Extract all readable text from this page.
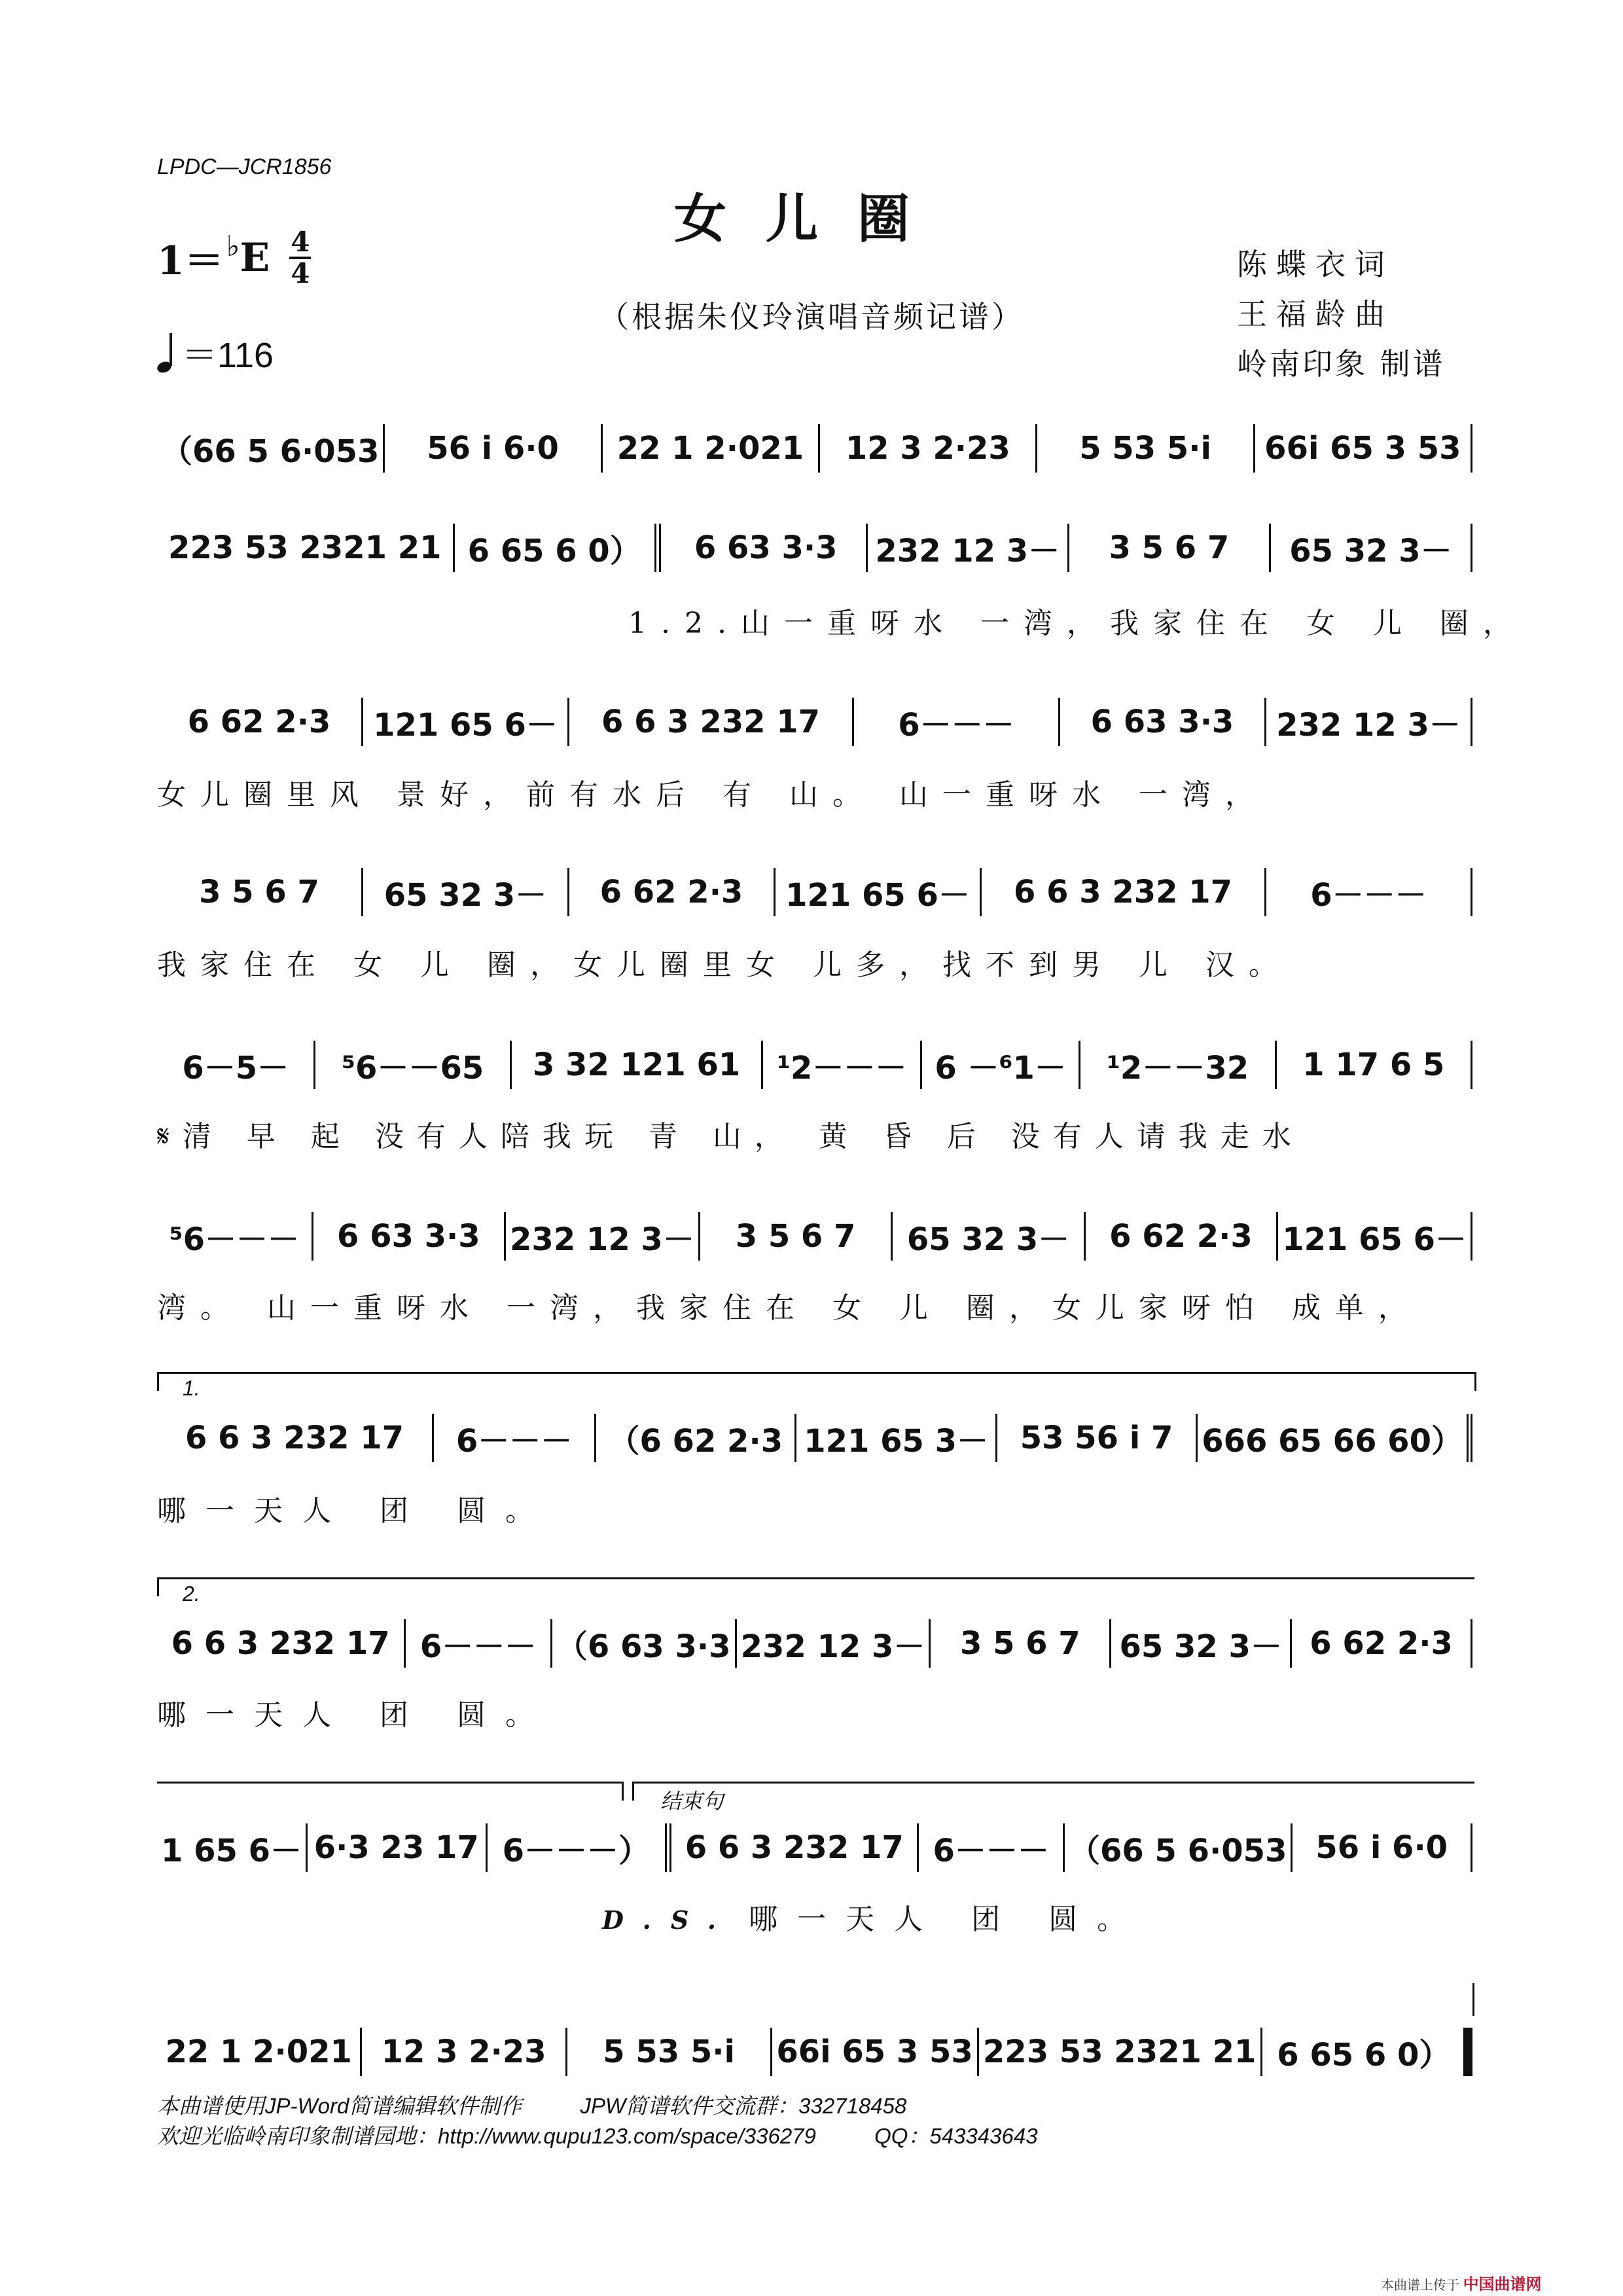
LPDC—JCR1856
女儿圈
1＝ ♭ E $\frac{4}{4}$
（根据朱仪玲演唱音频记谱）
＝116
陈蝶衣词
王福龄曲
岭南印象 制谱
（66 5 6·053	56 i 6·0	22 1 2·021	12 3 2·23	5 53 5·i	66i 65 3 53
223 53 2321 21 6 65 6 0）	6 63 3·3	232 12 3－	3 5 6 7	65 32 3－
1.2.山一重呀水 一湾，我家住在 女 儿 圈，
6 62 2·3	121 65 6－	6 6 3 232 17	6－－－	6 63 3·3	232 12 3－
女儿圈里风 景好，前有水后 有 山。 山一重呀水 一湾，
3 5 6 7	65 32 3－	6 62 2·3	121 65 6－	6 6 3 232 17	6－－－
我家住在 女 儿 圈，女儿圈里女 儿多，找不到男 儿 汉。
6－5－	⁵6－－65	3 32 121 61	¹2－－－ 6 －⁶1－	¹2－－32	1 17 6 5
𝄋清 早 起 没有人陪我玩 青 山， 黄 昏 后 没有人请我走水
⁵6－－－	6 63 3·3 232 12 3－	3 5 6 7	65 32 3－	6 62 2·3 121 65 6－
湾。 山一重呀水 一湾，我家住在 女 儿 圈，女儿家呀怕 成单，
1.
6 6 3 232 17	6－－－	（6 62 2·3 121 65 3－	53 56 i 7 666 65 66 60）
哪一天人 团 圆。
2.
6 6 3 232 17 6－－－ （6 63 3·3 232 12 3－	3 5 6 7	65 32 3－ 6 62 2·3
哪一天人 团 圆。
结束句
1 65 6－ 6·3 23 17 6－－－）	6 6 3 232 17 6－－－ （66 5 6·053 56 i 6·0
D.S. 哪一天人 团 圆。
22 1 2·021 12 3 2·23	5 53 5·i	66i 65 3 53 223 53 2321 21 6 65 6 0）
本曲谱使用JP-Word简谱编辑软件制作	JPW简谱软件交流群：332718458
欢迎光临岭南印象制谱园地：http://www.qupu123.com/space/336279	QQ：543343643
本曲谱上传于 中国曲谱网
